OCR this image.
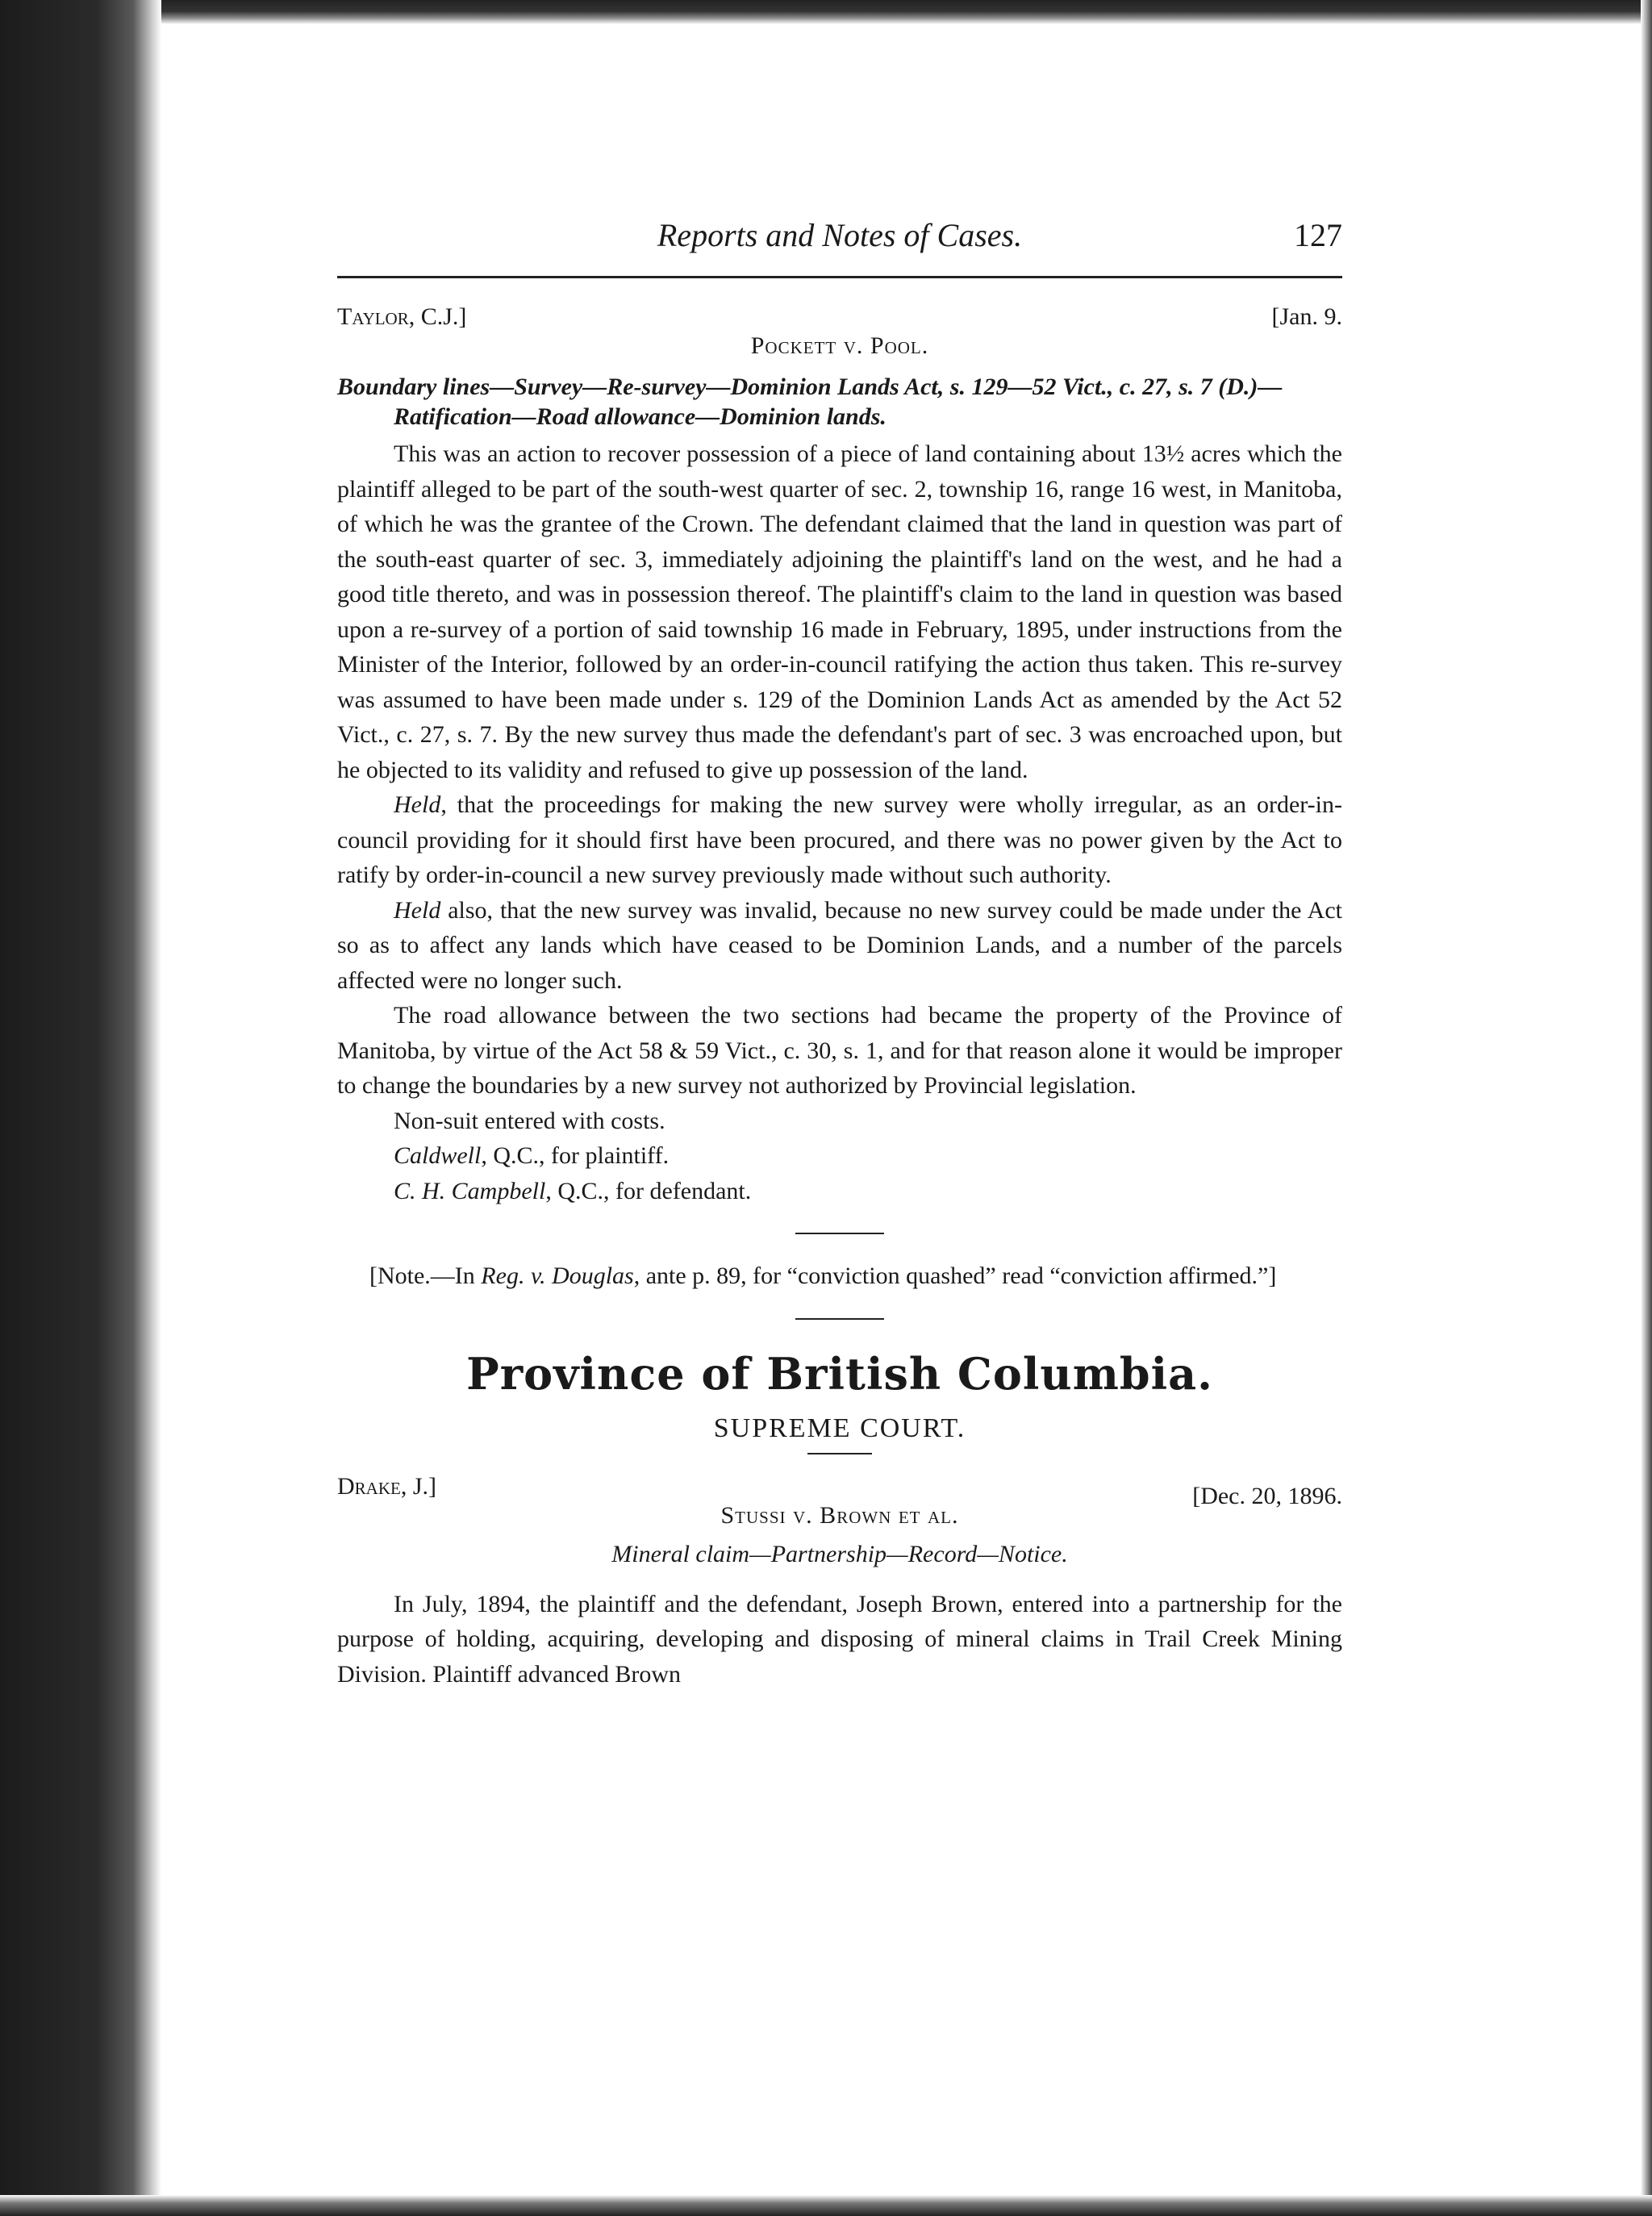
Reports and Notes of Cases.	127
Taylor, C.J.]	[Jan. 9.
Pockett v. Pool.

Boundary lines—Survey—Re-survey—Dominion Lands Act, s. 129—52 Vict., c. 27, s. 7 (D.)—Ratification—Road allowance—Dominion lands.

This was an action to recover possession of a piece of land containing about 13½ acres which the plaintiff alleged to be part of the south-west quarter of sec. 2, township 16, range 16 west, in Manitoba, of which he was the grantee of the Crown. The defendant claimed that the land in question was part of the south-east quarter of sec. 3, immediately adjoining the plaintiff's land on the west, and he had a good title thereto, and was in possession thereof. The plaintiff's claim to the land in question was based upon a re-survey of a portion of said township 16 made in February, 1895, under instructions from the Minister of the Interior, followed by an order-in-council ratifying the action thus taken. This re-survey was assumed to have been made under s. 129 of the Dominion Lands Act as amended by the Act 52 Vict., c. 27, s. 7. By the new survey thus made the defendant's part of sec. 3 was encroached upon, but he objected to its validity and refused to give up possession of the land.

Held, that the proceedings for making the new survey were wholly irregular, as an order-in-council providing for it should first have been procured, and there was no power given by the Act to ratify by order-in-council a new survey previously made without such authority.

Held also, that the new survey was invalid, because no new survey could be made under the Act so as to affect any lands which have ceased to be Dominion Lands, and a number of the parcels affected were no longer such.

The road allowance between the two sections had became the property of the Province of Manitoba, by virtue of the Act 58 & 59 Vict., c. 30, s. 1, and for that reason alone it would be improper to change the boundaries by a new survey not authorized by Provincial legislation.

Non-suit entered with costs.

Caldwell, Q.C., for plaintiff.

C. H. Campbell, Q.C., for defendant.

[Note.—In Reg. v. Douglas, ante p. 89, for “conviction quashed” read “conviction affirmed.”]

Province of British Columbia.
SUPREME COURT.
Drake, J.]	[Dec. 20, 1896.
Stussi v. Brown et al.
Mineral claim—Partnership—Record—Notice.

In July, 1894, the plaintiff and the defendant, Joseph Brown, entered into a partnership for the purpose of holding, acquiring, developing and disposing of mineral claims in Trail Creek Mining Division. Plaintiff advanced Brown
